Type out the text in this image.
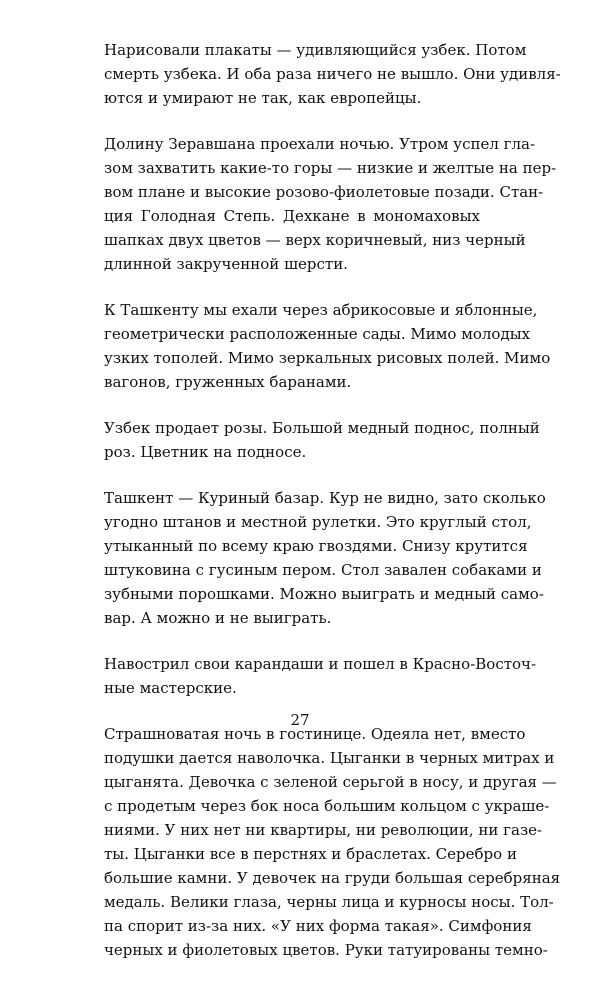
Нарисовали плакаты — удивляющийся узбек. Потом
смерть узбека. И оба раза ничего не вышло. Они удивля-
ются и умирают не так, как европейцы.
Долину Зеравшана проехали ночью. Утром успел гла-
зом захватить какие-то горы — низкие и желтые на пер-
вом плане и высокие розово-фиолетовые позади. Стан-
ция Голодная Степь. Дехкане в мономаховых
шапках двух цветов — верх коричневый, низ черный
длинной закрученной шерсти.
К Ташкенту мы ехали через абрикосовые и яблонные,
геометрически расположенные сады. Мимо молодых
узких тополей. Мимо зеркальных рисовых полей. Мимо
вагонов, груженных баранами.
Узбек продает розы. Большой медный поднос, полный
роз. Цветник на подносе.
Ташкент — Куриный базар. Кур не видно, зато сколько
угодно штанов и местной рулетки. Это круглый стол,
утыканный по всему краю гвоздями. Снизу крутится
штуковина с гусиным пером. Стол завален собаками и
зубными порошками. Можно выиграть и медный само-
вар. А можно и не выиграть.
Навострил свои карандаши и пошел в Красно-Восточ-
ные мастерские.
Страшноватая ночь в гостинице. Одеяла нет, вместо
подушки дается наволочка. Цыганки в черных митрах и
цыганята. Девочка с зеленой серьгой в носу, и другая —
с продетым через бок носа большим кольцом с украше-
ниями. У них нет ни квартиры, ни революции, ни газе-
ты. Цыганки все в перстнях и браслетах. Серебро и
большие камни. У девочек на груди большая серебряная
медаль. Велики глаза, черны лица и курносы носы. Тол-
па спорит из-за них. «У них форма такая». Симфония
черных и фиолетовых цветов. Руки татуированы темно-
27
